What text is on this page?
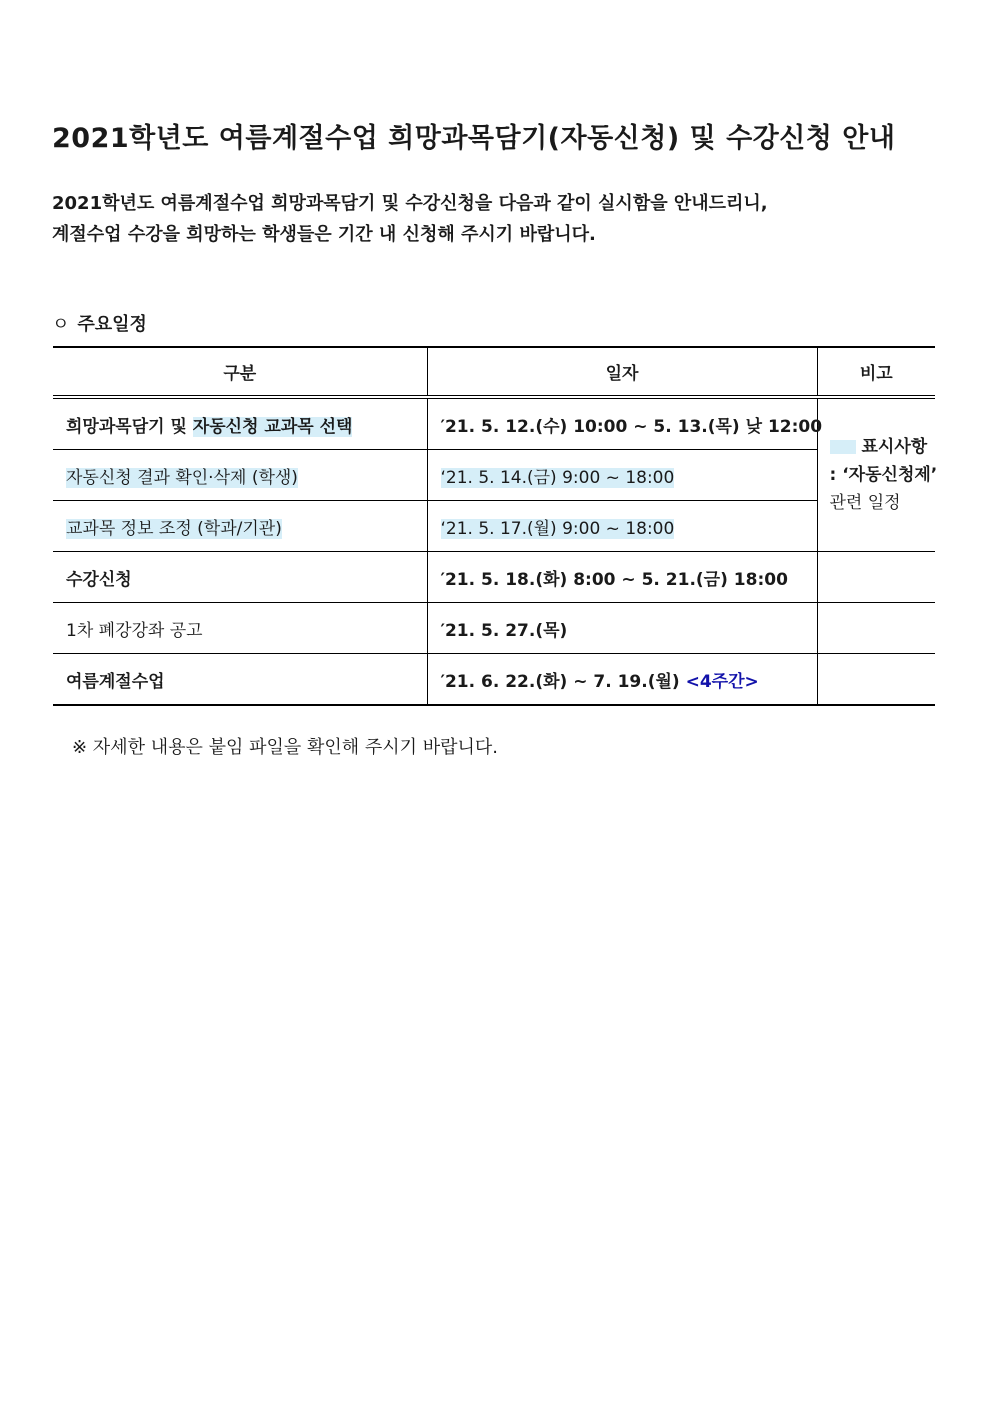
2021학년도 여름계절수업 희망과목담기(자동신청) 및 수강신청 안내
2021학년도 여름계절수업 희망과목담기 및 수강신청을 다음과 같이 실시함을 안내드리니,
계절수업 수강을 희망하는 학생들은 기간 내 신청해 주시기 바랍니다.
ㅇ 주요일정
구분	일자	비고
희망과목담기 및 자동신청 교과목 선택	′21. 5. 12.(수) 10:00 ~ 5. 13.(목) 낮 12:00	표시사항
: ‘자동신청제’
관련 일정

자동신청 결과 확인·삭제 (학생)	‘21. 5. 14.(금) 9:00 ~ 18:00	
교과목 정보 조정 (학과/기관)	‘21. 5. 17.(월) 9:00 ~ 18:00	
수강신청	′21. 5. 18.(화) 8:00 ~ 5. 21.(금) 18:00	
1차 폐강강좌 공고	′21. 5. 27.(목)	
여름계절수업	′21. 6. 22.(화) ~ 7. 19.(월) <4주간>	
※ 자세한 내용은 붙임 파일을 확인해 주시기 바랍니다.
